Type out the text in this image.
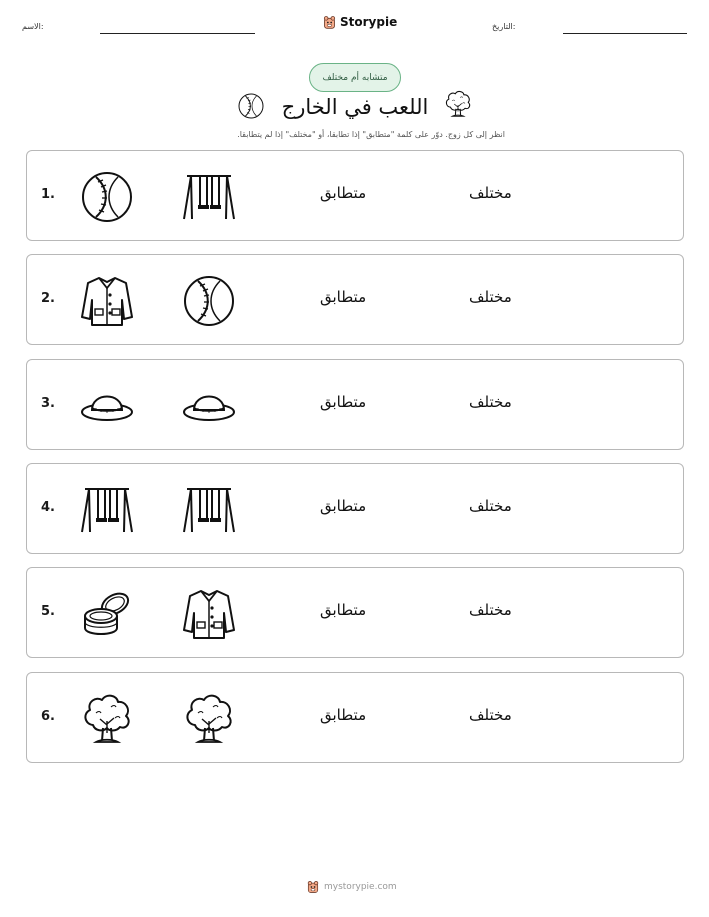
الاسم:	Storypie	التاريخ:
متشابه أم مختلف
اللعب في الخارج
انظر إلى كل زوج. دوّر على كلمة "متطابق" إذا تطابقا، أو "مختلف" إذا لم يتطابقا.
1.	متطابق	مختلف
2.	متطابق	مختلف
3.	متطابق	مختلف
4.	متطابق	مختلف
5.	متطابق	مختلف
6.	متطابق	مختلف
mystorypie.com
